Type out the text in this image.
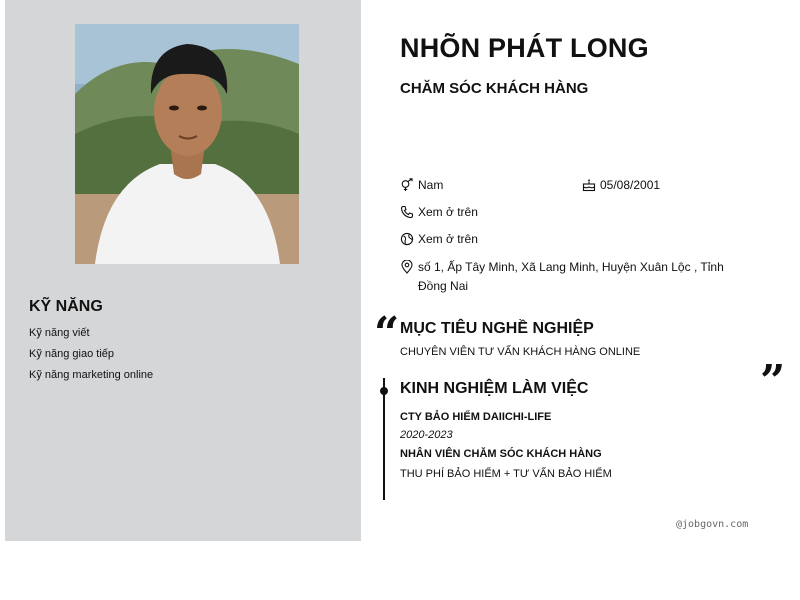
KỸ NĂNG
Kỹ năng viết
Kỹ năng giao tiếp
Kỹ năng marketing online
NHÕN PHÁT LONG
CHĂM SÓC KHÁCH HÀNG
Nam	05/08/2001
Xem ở trên
Xem ở trên
số 1, Ấp Tây Minh, Xã Lang Minh, Huyện Xuân Lộc , Tỉnh Đồng Nai
“
”
MỤC TIÊU NGHỀ NGHIỆP
CHUYÊN VIÊN TƯ VẤN KHÁCH HÀNG ONLINE
KINH NGHIỆM LÀM VIỆC
CTY BẢO HIỂM DAIICHI-LIFE
2020-2023
NHÂN VIÊN CHĂM SÓC KHÁCH HÀNG
THU PHÍ BẢO HIỂM + TƯ VẤN BẢO HIỂM
@jobgovn.com
